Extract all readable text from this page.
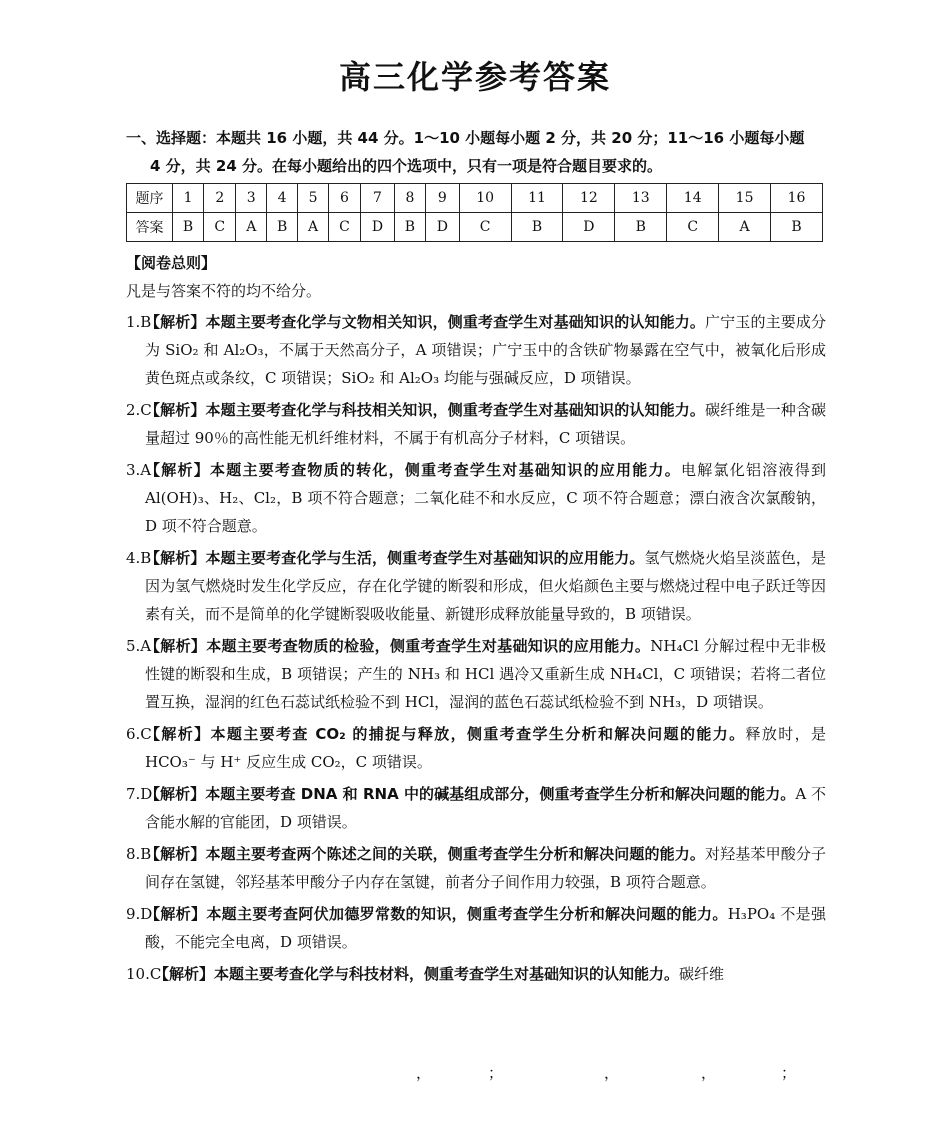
高三化学参考答案
一、选择题：本题共 16 小题，共 44 分。1～10 小题每小题 2 分，共 20 分；11～16 小题每小题
4 分，共 24 分。在每小题给出的四个选项中，只有一项是符合题目要求的。
题序	1	2	3	4	5	6	7	8	9	10	11	12	13	14	15	16
答案	B	C	A	B	A	C	D	B	D	C	B	D	B	C	A	B
【阅卷总则】
凡是与答案不符的均不给分。
1.B
【解析】本题主要考查化学与文物相关知识，侧重考查学生对基础知识的认知能力。广宁玉的主要成分为 SiO₂ 和 Al₂O₃，不属于天然高分子，A 项错误；广宁玉中的含铁矿物暴露在空气中，被氧化后形成黄色斑点或条纹，C 项错误；SiO₂ 和 Al₂O₃ 均能与强碱反应，D 项错误。
2.C
【解析】本题主要考查化学与科技相关知识，侧重考查学生对基础知识的认知能力。碳纤维是一种含碳量超过 90％的高性能无机纤维材料，不属于有机高分子材料，C 项错误。
3.A
【解析】本题主要考查物质的转化，侧重考查学生对基础知识的应用能力。电解氯化铝溶液得到 Al(OH)₃、H₂、Cl₂，B 项不符合题意；二氧化硅不和水反应，C 项不符合题意；漂白液含次氯酸钠，D 项不符合题意。
4.B
【解析】本题主要考查化学与生活，侧重考查学生对基础知识的应用能力。氢气燃烧火焰呈淡蓝色，是因为氢气燃烧时发生化学反应，存在化学键的断裂和形成，但火焰颜色主要与燃烧过程中电子跃迁等因素有关，而不是简单的化学键断裂吸收能量、新键形成释放能量导致的，B 项错误。
5.A
【解析】本题主要考查物质的检验，侧重考查学生对基础知识的应用能力。NH₄Cl 分解过程中无非极性键的断裂和生成，B 项错误；产生的 NH₃ 和 HCl 遇冷又重新生成 NH₄Cl，C 项错误；若将二者位置互换，湿润的红色石蕊试纸检验不到 HCl，湿润的蓝色石蕊试纸检验不到 NH₃，D 项错误。
6.C
【解析】本题主要考查 CO₂ 的捕捉与释放，侧重考查学生分析和解决问题的能力。释放时，是 HCO₃⁻ 与 H⁺ 反应生成 CO₂，C 项错误。
7.D
【解析】本题主要考查 DNA 和 RNA 中的碱基组成部分，侧重考查学生分析和解决问题的能力。A 不含能水解的官能团，D 项错误。
8.B
【解析】本题主要考查两个陈述之间的关联，侧重考查学生分析和解决问题的能力。对羟基苯甲酸分子间存在氢键，邻羟基苯甲酸分子内存在氢键，前者分子间作用力较强，B 项符合题意。
9.D
【解析】本题主要考查阿伏加德罗常数的知识，侧重考查学生分析和解决问题的能力。H₃PO₄ 不是强酸，不能完全电离，D 项错误。
10.C
【解析】本题主要考查化学与科技材料，侧重考查学生对基础知识的认知能力。碳纤维
，	；	，	，	；
